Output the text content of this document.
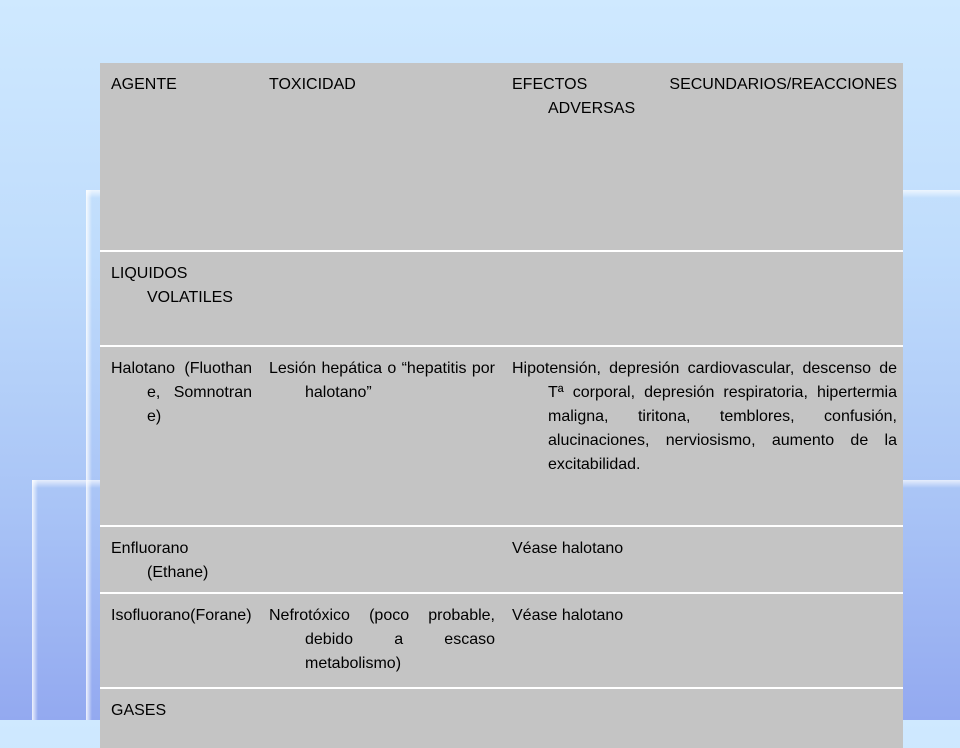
AGENTE	TOXICIDAD	EFECTOS SECUNDARIOS/REACCIONES ADVERSAS

LIQUIDOS VOLATILES		

Halotano (Fluothane, Somnotrane)	Lesión hepática o “hepatitis por halotano”	Hipotensión, depresión cardiovascular, descenso de Tª corporal, depresión respiratoria, hipertermia maligna, tiritona, temblores, confusión, alucinaciones, nerviosismo, aumento de la excitabilidad.

Enfluorano (Ethane)		Véase halotano

Isofluorano(Forane)	Nefrotóxico (poco probable, debido a escaso metabolismo)	Véase halotano

GASES		
